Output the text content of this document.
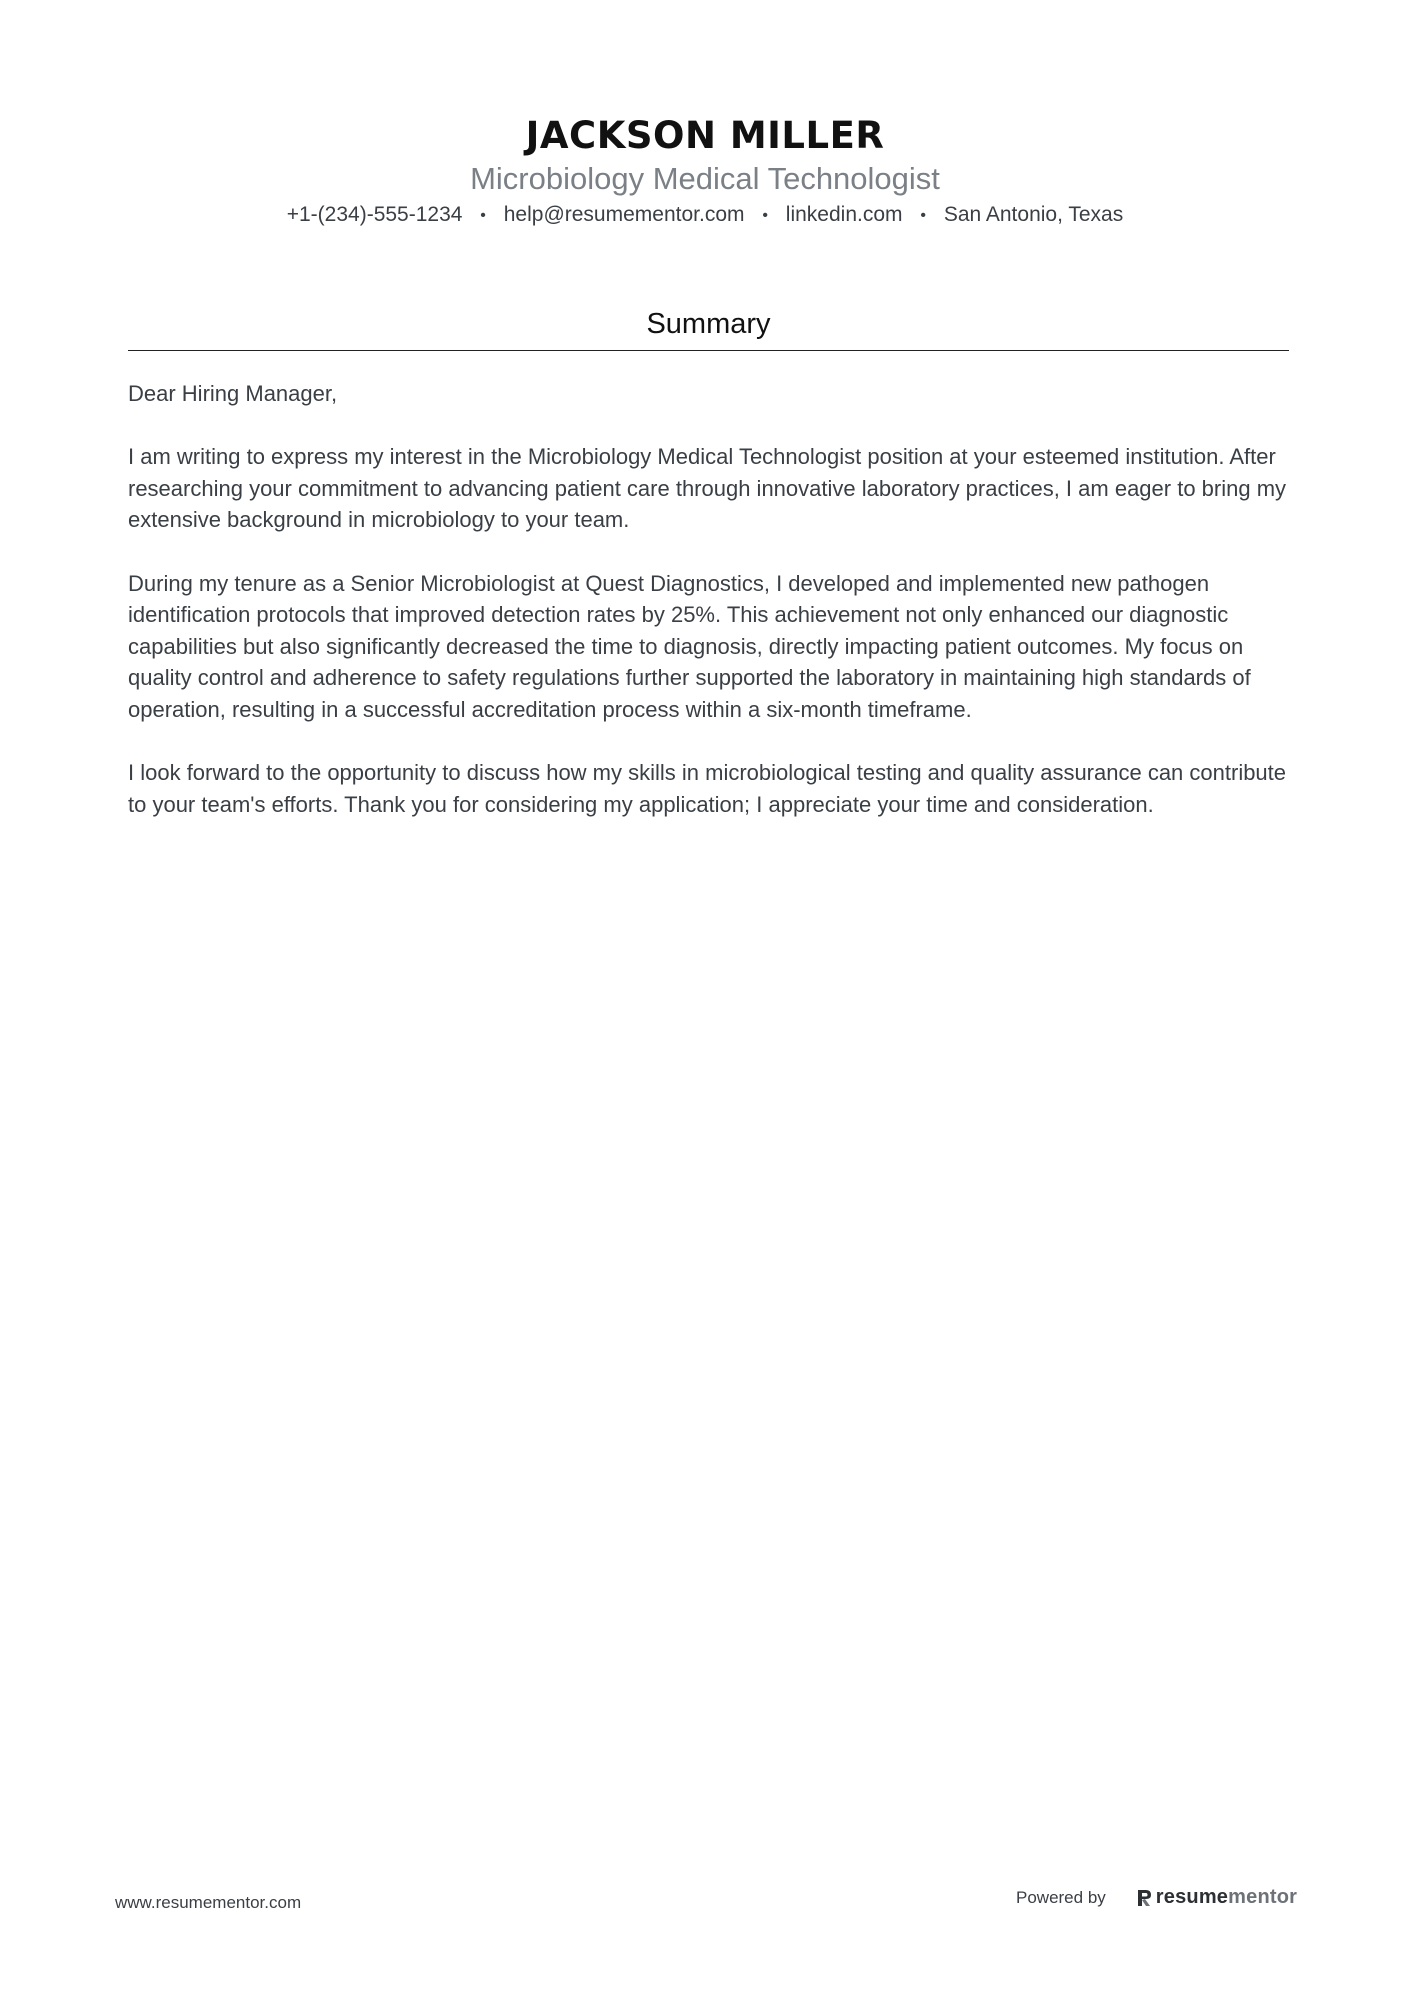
JACKSON MILLER
Microbiology Medical Technologist
+1-(234)-555-1234 • help@resumementor.com • linkedin.com • San Antonio, Texas
Summary

Dear Hiring Manager,

I am writing to express my interest in the Microbiology Medical Technologist position at your esteemed institution. After researching your commitment to advancing patient care through innovative laboratory practices, I am eager to bring my extensive background in microbiology to your team.

During my tenure as a Senior Microbiologist at Quest Diagnostics, I developed and implemented new pathogen identification protocols that improved detection rates by 25%. This achievement not only enhanced our diagnostic capabilities but also significantly decreased the time to diagnosis, directly impacting patient outcomes. My focus on quality control and adherence to safety regulations further supported the laboratory in maintaining high standards of operation, resulting in a successful accreditation process within a six-month timeframe.

I look forward to the opportunity to discuss how my skills in microbiological testing and quality assurance can contribute to your team's efforts. Thank you for considering my application; I appreciate your time and consideration.

www.resumementor.com	Powered by	resume mentor
